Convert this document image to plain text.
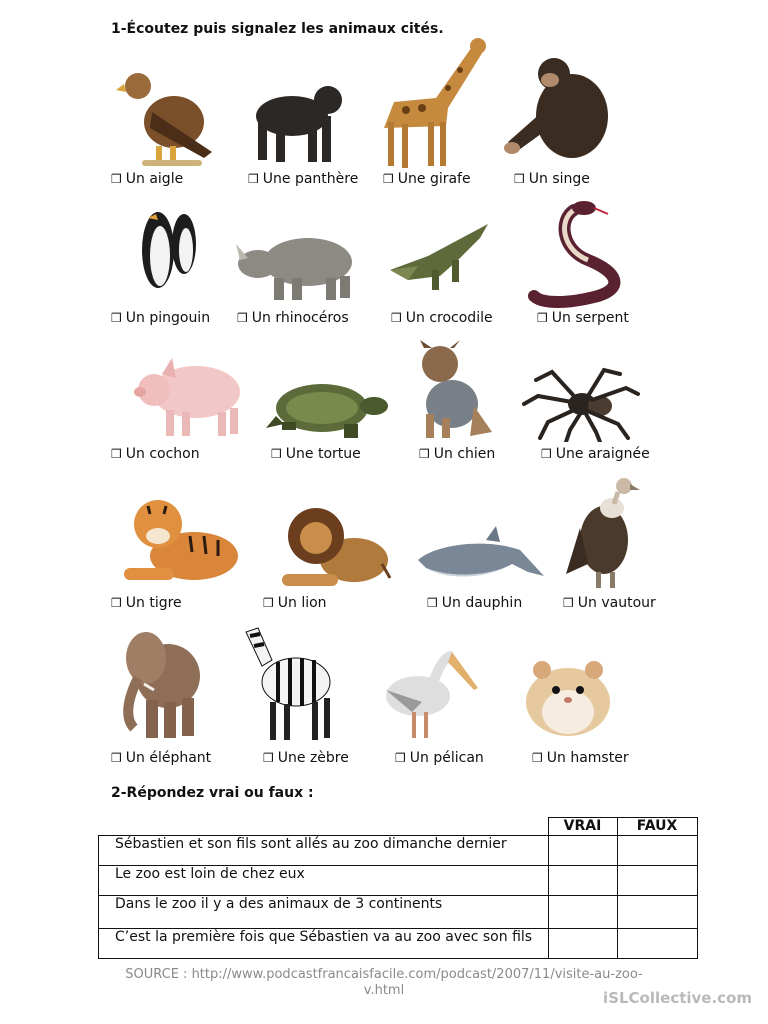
1-Écoutez puis signalez les animaux cités.
❒ Un aigle	❒ Une panthère ❒ Une girafe	❒ Un singe
❒ Un pingouin ❒ Un rhinocéros	❒ Un crocodile	❒ Un serpent
❒ Un cochon	❒ Une tortue	❒ Un chien	❒ Une araignée
❒ Un tigre	❒ Un lion	❒ Un dauphin	❒ Un vautour
❒ Un éléphant	❒ Une zèbre	❒ Un pélican	❒ Un hamster
2-Répondez vrai ou faux :
	VRAI	FAUX
Sébastien et son fils sont allés au zoo dimanche dernier		
Le zoo est loin de chez eux		
Dans le zoo il y a des animaux de 3 continents		
C’est la première fois que Sébastien va au zoo avec son fils		
SOURCE : http://www.podcastfrancaisfacile.com/podcast/2007/11/visite-au-zoo-
v.html	iSLCollective.com
